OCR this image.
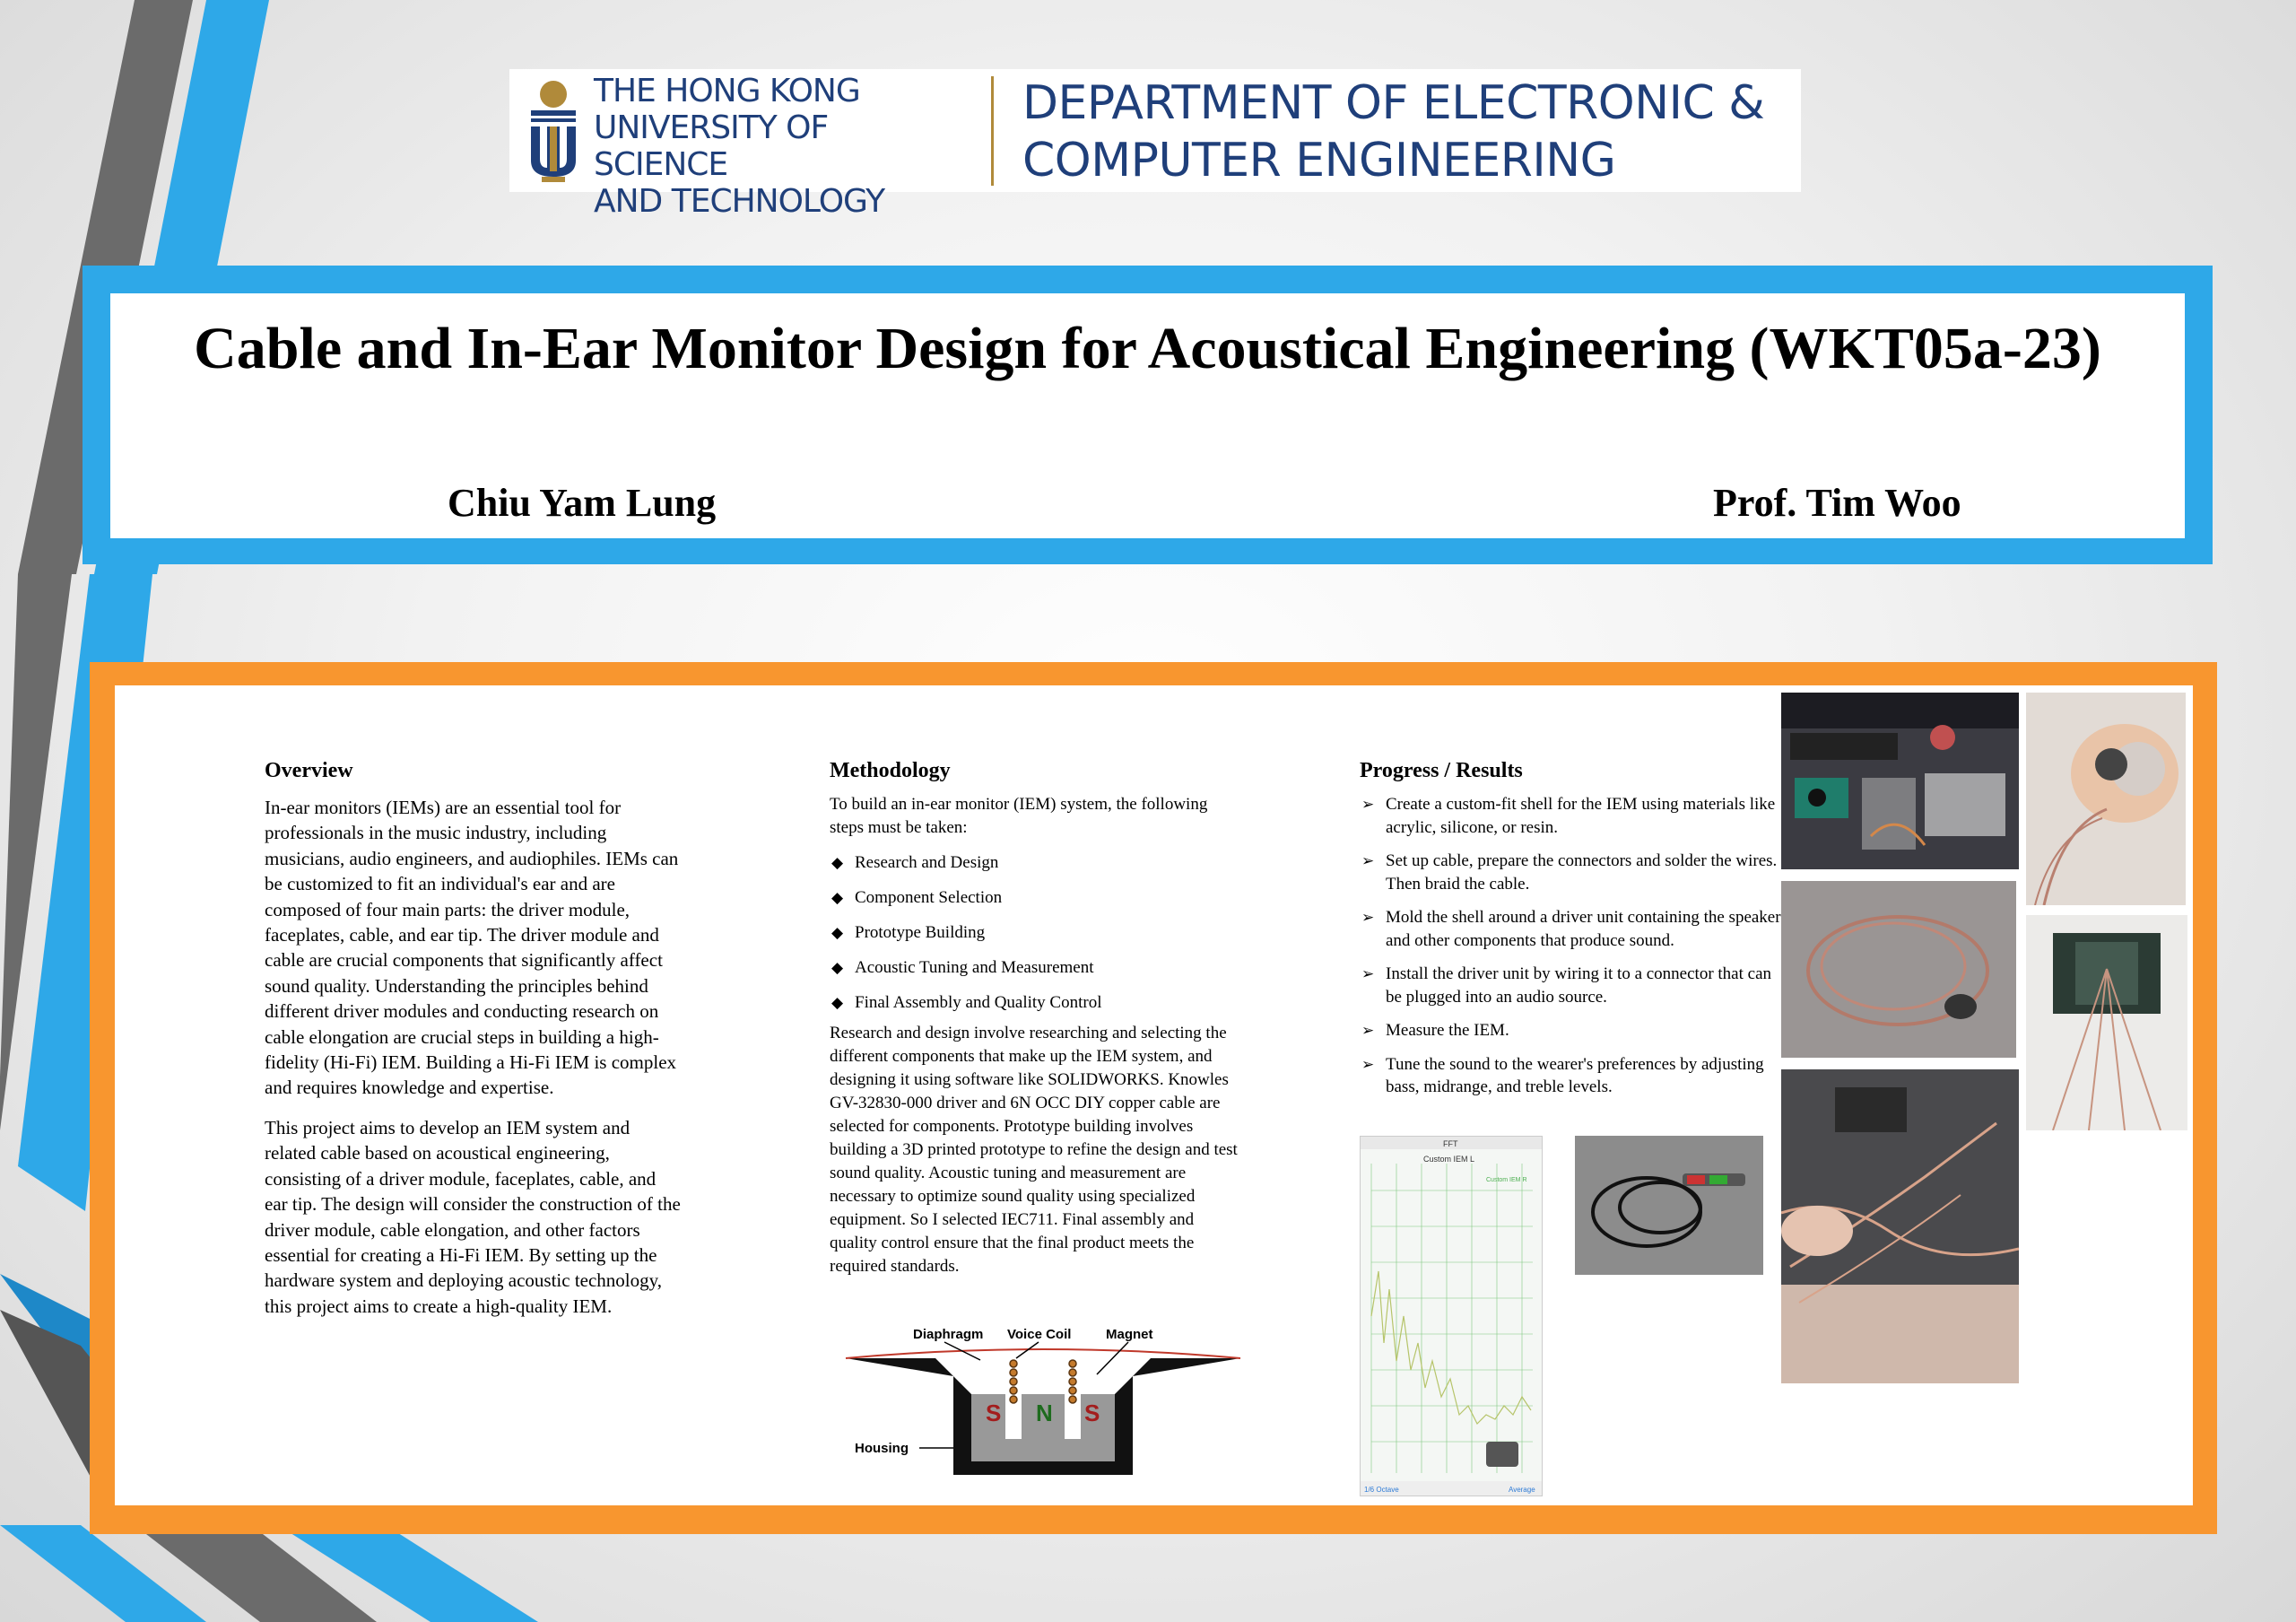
THE HONG KONG
UNIVERSITY OF SCIENCE
AND TECHNOLOGY
DEPARTMENT OF ELECTRONIC &
COMPUTER ENGINEERING
Cable and In-Ear Monitor Design for Acoustical Engineering (WKT05a-23)
Chiu Yam Lung	Prof. Tim Woo
Overview

In-ear monitors (IEMs) are an essential tool for professionals in the music industry, including musicians, audio engineers, and audiophiles. IEMs can be customized to fit an individual's ear and are composed of four main parts: the driver module, faceplates, cable, and ear tip. The driver module and cable are crucial components that significantly affect sound quality. Understanding the principles behind different driver modules and conducting research on cable elongation are crucial steps in building a high-fidelity (Hi-Fi) IEM. Building a Hi-Fi IEM is complex and requires knowledge and expertise.

This project aims to develop an IEM system and related cable based on acoustical engineering, consisting of a driver module, faceplates, cable, and ear tip. The design will consider the construction of the driver module, cable elongation, and other factors essential for creating a Hi-Fi IEM. By setting up the hardware system and deploying acoustic technology, this project aims to create a high-quality IEM.

Methodology

To build an in-ear monitor (IEM) system, the following steps must be taken:

◆ Research and Design
◆ Component Selection
◆ Prototype Building
◆ Acoustic Tuning and Measurement
◆ Final Assembly and Quality Control

Research and design involve researching and selecting the different components that make up the IEM system, and designing it using software like SOLIDWORKS. Knowles GV-32830-000 driver and 6N OCC DIY copper cable are selected for components. Prototype building involves building a 3D printed prototype to refine the design and test sound quality. Acoustic tuning and measurement are necessary to optimize sound quality using specialized equipment. So I selected IEC711. Final assembly and quality control ensure that the final product meets the required standards.

Diaphragm Voice Coil	Magnet
S N S
Housing
Progress / Results
➢ Create a custom-fit shell for the IEM using materials like acrylic, silicone, or resin.
➢ Set up cable, prepare the connectors and solder the wires. Then braid the cable.
➢ Mold the shell around a driver unit containing the speaker and other components that produce sound.
➢ Install the driver unit by wiring it to a connector that can be plugged into an audio source.
➢ Measure the IEM.
➢ Tune the sound to the wearer's preferences by adjusting bass, midrange, and treble levels.
FFT
Custom IEM L
Custom IEM R
1/6 Octave	Average
